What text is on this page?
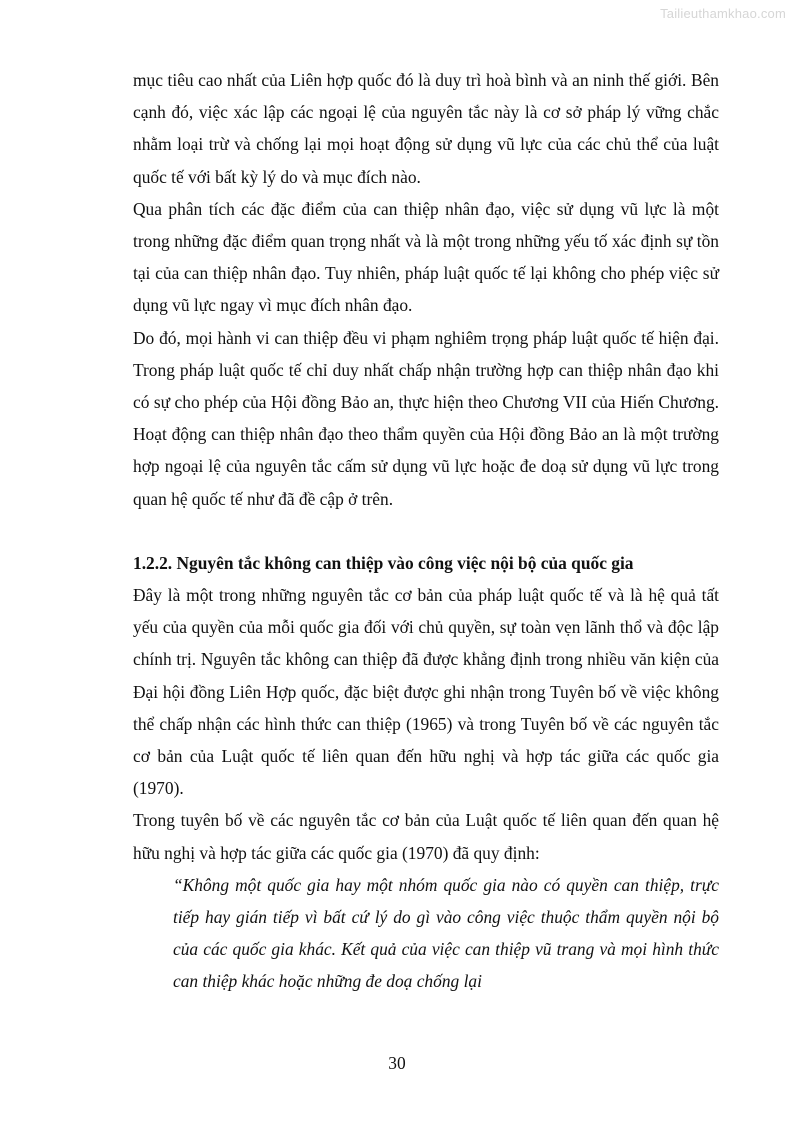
Tailieuthamkhao.com

mục tiêu cao nhất của Liên hợp quốc đó là duy trì hoà bình và an ninh thế giới. Bên cạnh đó, việc xác lập các ngoại lệ của nguyên tắc này là cơ sở pháp lý vững chắc nhằm loại trừ và chống lại mọi hoạt động sử dụng vũ lực của các chủ thể của luật quốc tế với bất kỳ lý do và mục đích nào.

Qua phân tích các đặc điểm của can thiệp nhân đạo, việc sử dụng vũ lực là một trong những đặc điểm quan trọng nhất và là một trong những yếu tố xác định sự tồn tại của can thiệp nhân đạo. Tuy nhiên, pháp luật quốc tế lại không cho phép việc sử dụng vũ lực ngay vì mục đích nhân đạo.

Do đó, mọi hành vi can thiệp đều vi phạm nghiêm trọng pháp luật quốc tế hiện đại. Trong pháp luật quốc tế chỉ duy nhất chấp nhận trường hợp can thiệp nhân đạo khi có sự cho phép của Hội đồng Bảo an, thực hiện theo Chương VII của Hiến Chương. Hoạt động can thiệp nhân đạo theo thẩm quyền của Hội đồng Bảo an là một trường hợp ngoại lệ của nguyên tắc cấm sử dụng vũ lực hoặc đe doạ sử dụng vũ lực trong quan hệ quốc tế như đã đề cập ở trên.

1.2.2. Nguyên tắc không can thiệp vào công việc nội bộ của quốc gia

Đây là một trong những nguyên tắc cơ bản của pháp luật quốc tế và là hệ quả tất yếu của quyền của mỗi quốc gia đối với chủ quyền, sự toàn vẹn lãnh thổ và độc lập chính trị. Nguyên tắc không can thiệp đã được khẳng định trong nhiều văn kiện của Đại hội đồng Liên Hợp quốc, đặc biệt được ghi nhận trong Tuyên bố về việc không thể chấp nhận các hình thức can thiệp (1965) và trong Tuyên bố về các nguyên tắc cơ bản của Luật quốc tế liên quan đến hữu nghị và hợp tác giữa các quốc gia (1970).

Trong tuyên bố về các nguyên tắc cơ bản của Luật quốc tế liên quan đến quan hệ hữu nghị và hợp tác giữa các quốc gia (1970) đã quy định:

“Không một quốc gia hay một nhóm quốc gia nào có quyền can thiệp, trực tiếp hay gián tiếp vì bất cứ lý do gì vào công việc thuộc thẩm quyền nội bộ của các quốc gia khác. Kết quả của việc can thiệp vũ trang và mọi hình thức can thiệp khác hoặc những đe doạ chống lại

30
